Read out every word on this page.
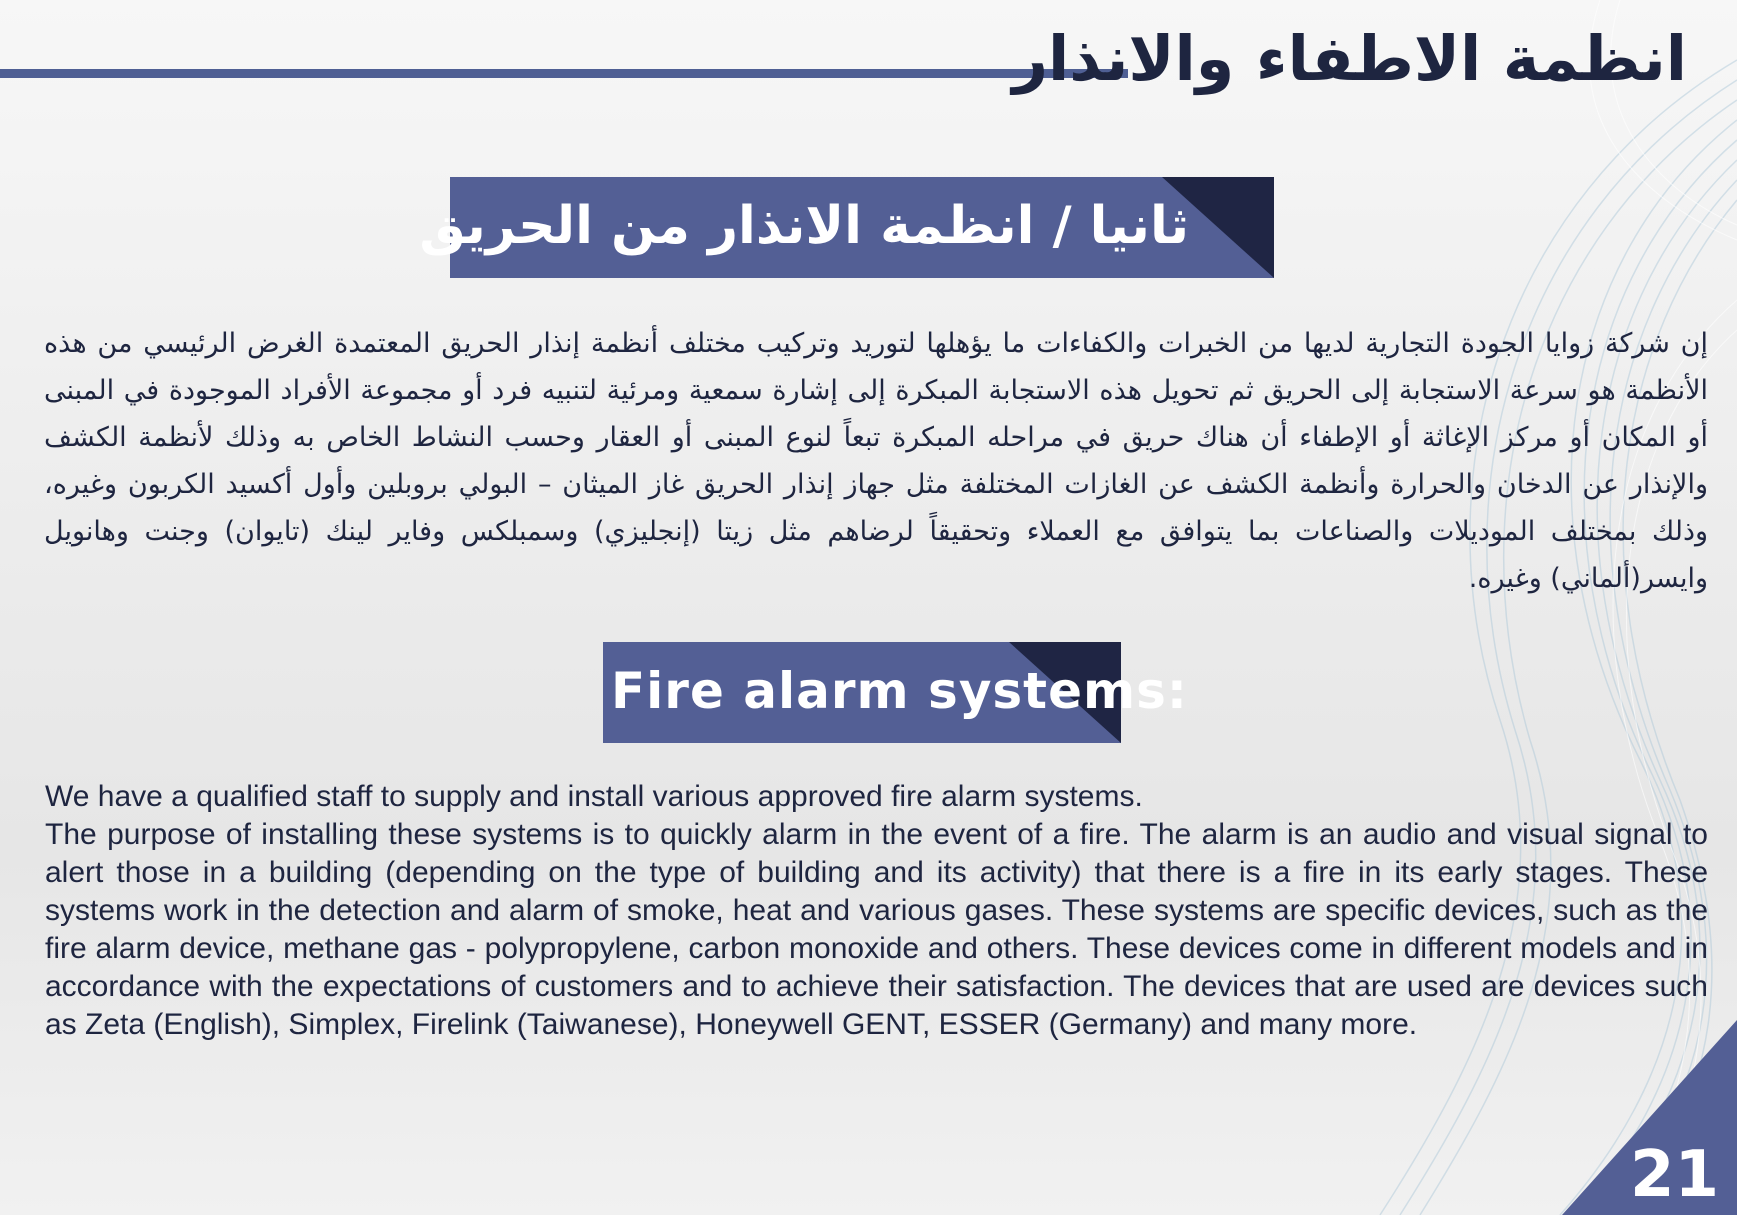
انظمة الاطفاء والانذار
ثانيا / انظمة الانذار من الحريق

إن شركة زوايا الجودة التجارية لديها من الخبرات والكفاءات ما يؤهلها لتوريد وتركيب مختلف أنظمة إنذار الحريق المعتمدة الغرض الرئيسي من هذه الأنظمة هو سرعة الاستجابة إلى الحريق ثم تحويل هذه الاستجابة المبكرة إلى إشارة سمعية ومرئية لتنبيه فرد أو مجموعة الأفراد الموجودة في المبنى أو المكان أو مركز الإغاثة أو الإطفاء أن هناك حريق في مراحله المبكرة تبعاً لنوع المبنى أو العقار وحسب النشاط الخاص به وذلك لأنظمة الكشف والإنذار عن الدخان والحرارة وأنظمة الكشف عن الغازات المختلفة مثل جهاز إنذار الحريق غاز الميثان – البولي بروبلين وأول أكسيد الكربون وغيره، وذلك بمختلف الموديلات والصناعات بما يتوافق مع العملاء وتحقيقاً لرضاهم مثل زيتا (إنجليزي) وسمبلكس وفاير لينك (تايوان) وجنت وهانويل وايسر(ألماني) وغيره.

Fire alarm systems:
We have a qualified staff to supply and install various approved fire alarm systems.
The purpose of installing these systems is to quickly alarm in the event of a fire. The alarm is an audio and visual signal to alert those in a building (depending on the type of building and its activity) that there is a fire in its early stages. These systems work in the detection and alarm of smoke, heat and various gases. These systems are specific devices, such as the fire alarm device, methane gas - polypropylene, carbon monoxide and others. These devices come in different models and in accordance with the expectations of customers and to achieve their satisfaction. The devices that are used are devices such as Zeta (English), Simplex, Firelink (Taiwanese), Honeywell GENT, ESSER (Germany) and many more.

21
